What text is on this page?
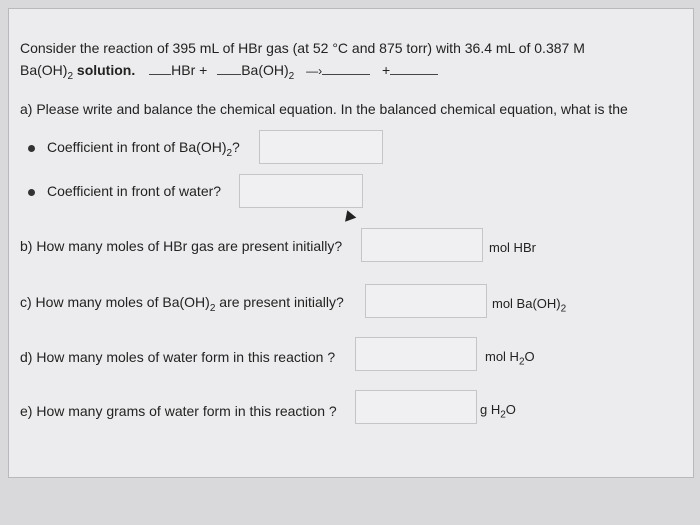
Consider the reaction of 395 mL of HBr gas (at 52 °C and 875 torr) with 36.4 mL of 0.387 M
$Ba(OH)_2$ solution.	HBr + $Ba(OH)_2$ —›	+
a) Please write and balance the chemical equation. In the balanced chemical equation, what is the
Coefficient in front of $Ba(OH)_2$?
Coefficient in front of water?
b) How many moles of HBr gas are present initially?	mol HBr
c) How many moles of $Ba(OH)_2$ are present initially?	mol $Ba(OH)_2$
d) How many moles of water form in this reaction ?	mol $H_2O$
e) How many grams of water form in this reaction ?	g $H_2O$
